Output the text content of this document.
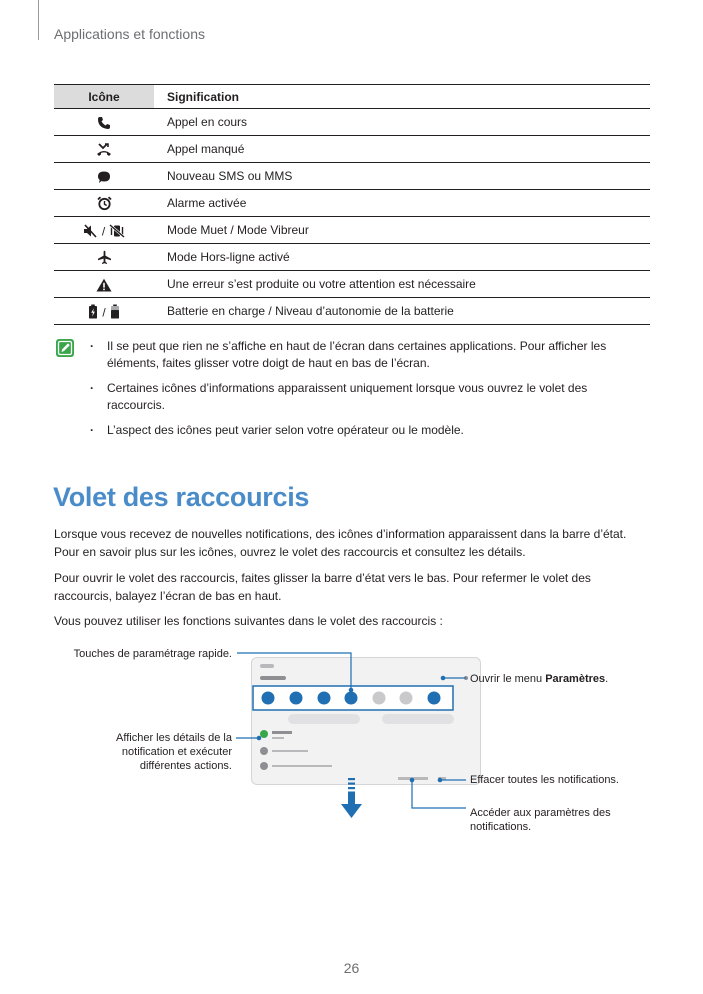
Applications et fonctions
Icône	Signification
	Appel en cours
	Appel manqué
	Nouveau SMS ou MMS
	Alarme activée
/	Mode Muet / Mode Vibreur
	Mode Hors-ligne activé
	Une erreur s’est produite ou votre attention est nécessaire
/	Batterie en charge / Niveau d’autonomie de la batterie
· Il se peut que rien ne s’affiche en haut de l’écran dans certaines applications. Pour afficher les éléments, faites glisser votre doigt de haut en bas de l’écran.
· Certaines icônes d’informations apparaissent uniquement lorsque vous ouvrez le volet des raccourcis.
· L’aspect des icônes peut varier selon votre opérateur ou le modèle.
Volet des raccourcis

Lorsque vous recevez de nouvelles notifications, des icônes d’information apparaissent dans la barre d’état. Pour en savoir plus sur les icônes, ouvrez le volet des raccourcis et consultez les détails.

Pour ouvrir le volet des raccourcis, faites glisser la barre d’état vers le bas. Pour refermer le volet des raccourcis, balayez l’écran de bas en haut.

Vous pouvez utiliser les fonctions suivantes dans le volet des raccourcis :

Touches de paramétrage rapide.
Ouvrir le menu Paramètres.
Afficher les détails de la notification et exécuter différentes actions.
Effacer toutes les notifications.
Accéder aux paramètres des notifications.
26
